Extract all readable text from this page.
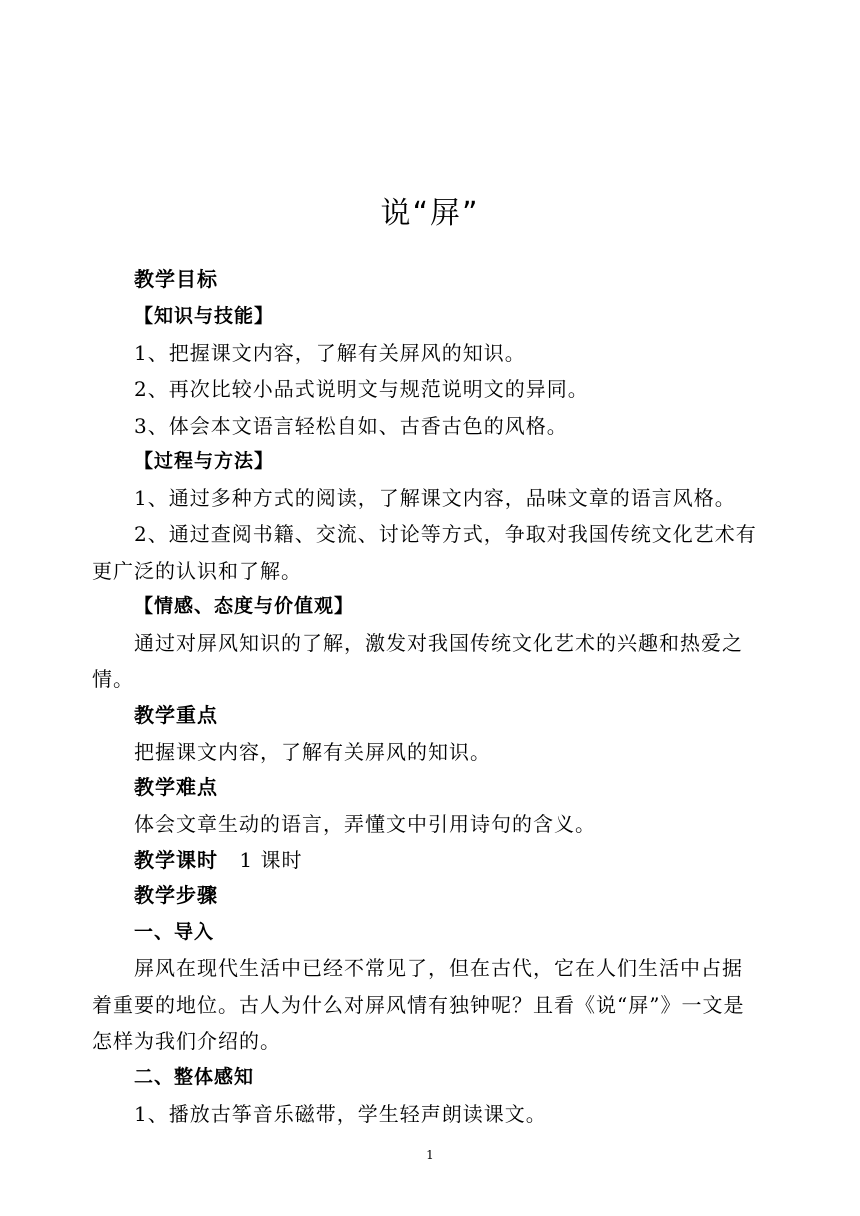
说“屏”
教学目标
【知识与技能】
1、把握课文内容，了解有关屏风的知识。
2、再次比较小品式说明文与规范说明文的异同。
3、体会本文语言轻松自如、古香古色的风格。
【过程与方法】
1、通过多种方式的阅读，了解课文内容，品味文章的语言风格。
2、通过查阅书籍、交流、讨论等方式，争取对我国传统文化艺术有
更广泛的认识和了解。
【情感、态度与价值观】
通过对屏风知识的了解，激发对我国传统文化艺术的兴趣和热爱之
情。
教学重点
把握课文内容，了解有关屏风的知识。
教学难点
体会文章生动的语言，弄懂文中引用诗句的含义。
教学课时 1 课时
教学步骤
一、导入
屏风在现代生活中已经不常见了，但在古代，它在人们生活中占据
着重要的地位。古人为什么对屏风情有独钟呢？且看《说“屏”》一文是
怎样为我们介绍的。
二、整体感知
1、播放古筝音乐磁带，学生轻声朗读课文。
1
